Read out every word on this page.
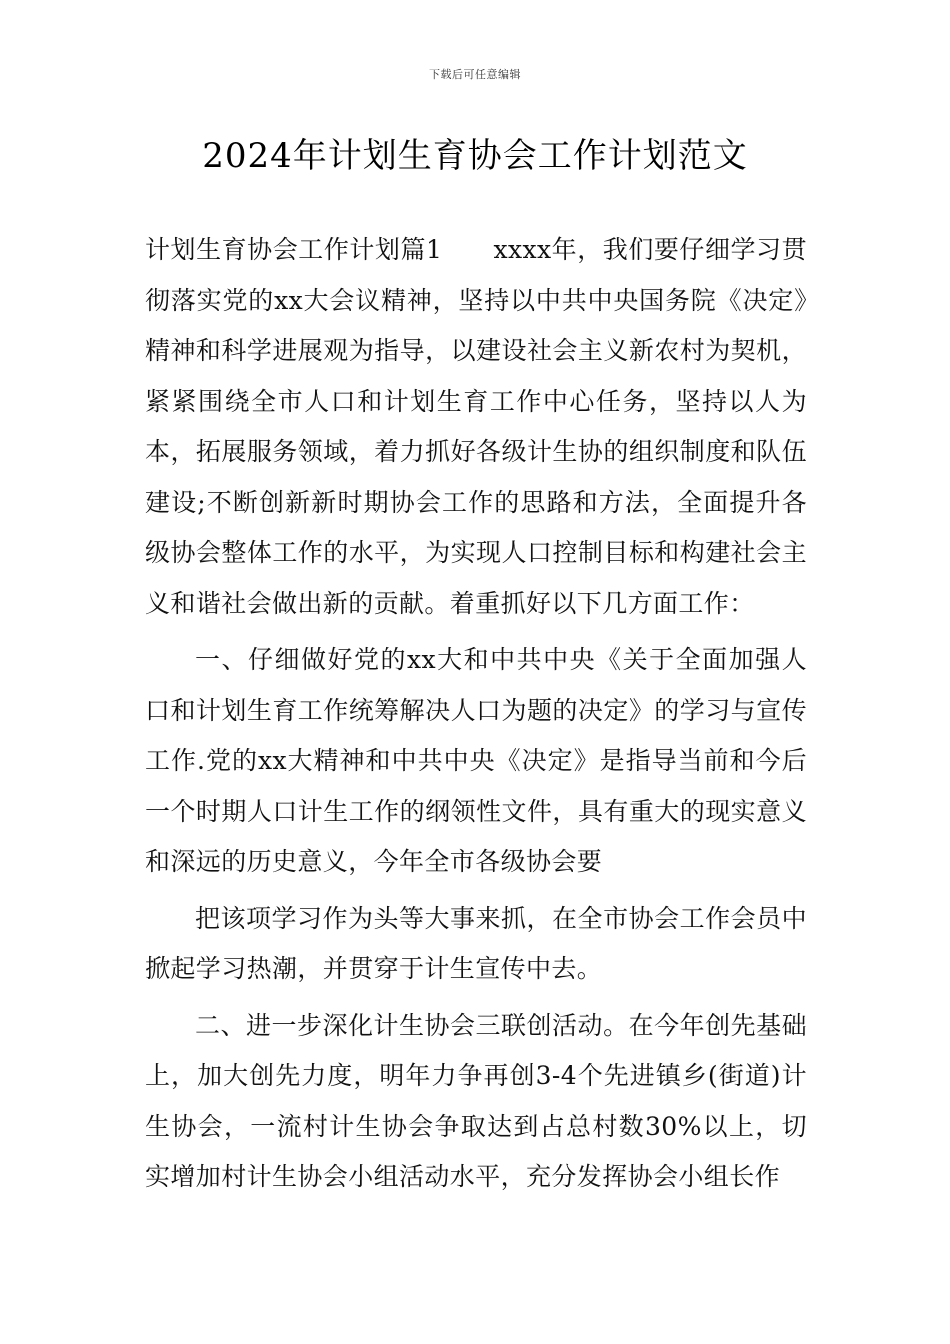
下载后可任意编辑
2024年计划生育协会工作计划范文

计划生育协会工作计划篇1　　xxxx年，我们要仔细学习贯彻落实党的xx大会议精神，坚持以中共中央国务院《决定》精神和科学进展观为指导，以建设社会主义新农村为契机，紧紧围绕全市人口和计划生育工作中心任务，坚持以人为本，拓展服务领域，着力抓好各级计生协的组织制度和队伍建设;不断创新新时期协会工作的思路和方法，全面提升各级协会整体工作的水平，为实现人口控制目标和构建社会主义和谐社会做出新的贡献。着重抓好以下几方面工作：

一、仔细做好党的xx大和中共中央《关于全面加强人口和计划生育工作统筹解决人口为题的决定》的学习与宣传工作.党的xx大精神和中共中央《决定》是指导当前和今后一个时期人口计生工作的纲领性文件，具有重大的现实意义和深远的历史意义，今年全市各级协会要

把该项学习作为头等大事来抓，在全市协会工作会员中掀起学习热潮，并贯穿于计生宣传中去。

二、进一步深化计生协会三联创活动。在今年创先基础上，加大创先力度，明年力争再创3-4个先进镇乡(街道)计生协会，一流村计生协会争取达到占总村数30%以上，切实增加村计生协会小组活动水平，充分发挥协会小组长作
